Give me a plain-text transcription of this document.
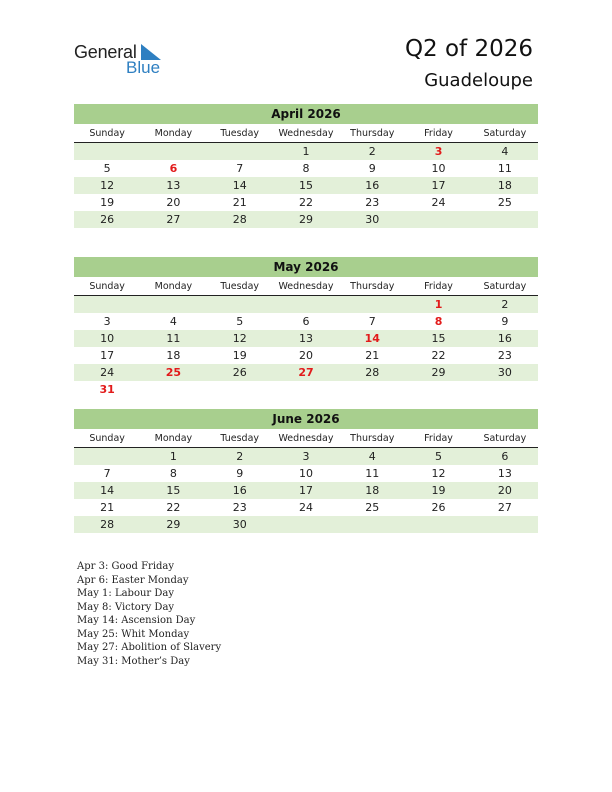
General
Blue
Q2 of 2026
Guadeloupe
April 2026
Sunday	Monday	Tuesday	Wednesday	Thursday	Friday	Saturday
			1	2	3	4
5	6	7	8	9	10	11
12	13	14	15	16	17	18
19	20	21	22	23	24	25
26	27	28	29	30		
May 2026
Sunday	Monday	Tuesday	Wednesday	Thursday	Friday	Saturday
					1	2
3	4	5	6	7	8	9
10	11	12	13	14	15	16
17	18	19	20	21	22	23
24	25	26	27	28	29	30
31						
June 2026
Sunday	Monday	Tuesday	Wednesday	Thursday	Friday	Saturday
	1	2	3	4	5	6
7	8	9	10	11	12	13
14	15	16	17	18	19	20
21	22	23	24	25	26	27
28	29	30				
Apr 3: Good Friday
Apr 6: Easter Monday
May 1: Labour Day
May 8: Victory Day
May 14: Ascension Day
May 25: Whit Monday
May 27: Abolition of Slavery
May 31: Mother’s Day
